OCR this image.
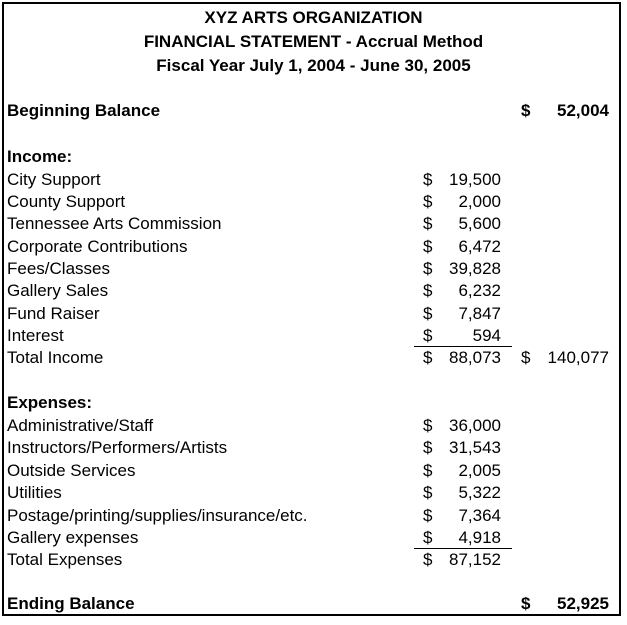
XYZ ARTS ORGANIZATION
FINANCIAL STATEMENT - Accrual Method
Fiscal Year July 1, 2004 - June 30, 2005
Beginning Balance	$	52,004
Income:
City Support	$ 19,500
County Support	$	2,000
Tennessee Arts Commission	$	5,600
Corporate Contributions	$	6,472
Fees/Classes	$ 39,828
Gallery Sales	$	6,232
Fund Raiser	$	7,847
Interest	$	594
Total Income	$ 88,073 $	140,077
Expenses:
Administrative/Staff	$ 36,000
Instructors/Performers/Artists	$ 31,543
Outside Services	$	2,005
Utilities	$	5,322
Postage/printing/supplies/insurance/etc.	$	7,364
Gallery expenses	$	4,918
Total Expenses	$ 87,152
Ending Balance	$	52,925
